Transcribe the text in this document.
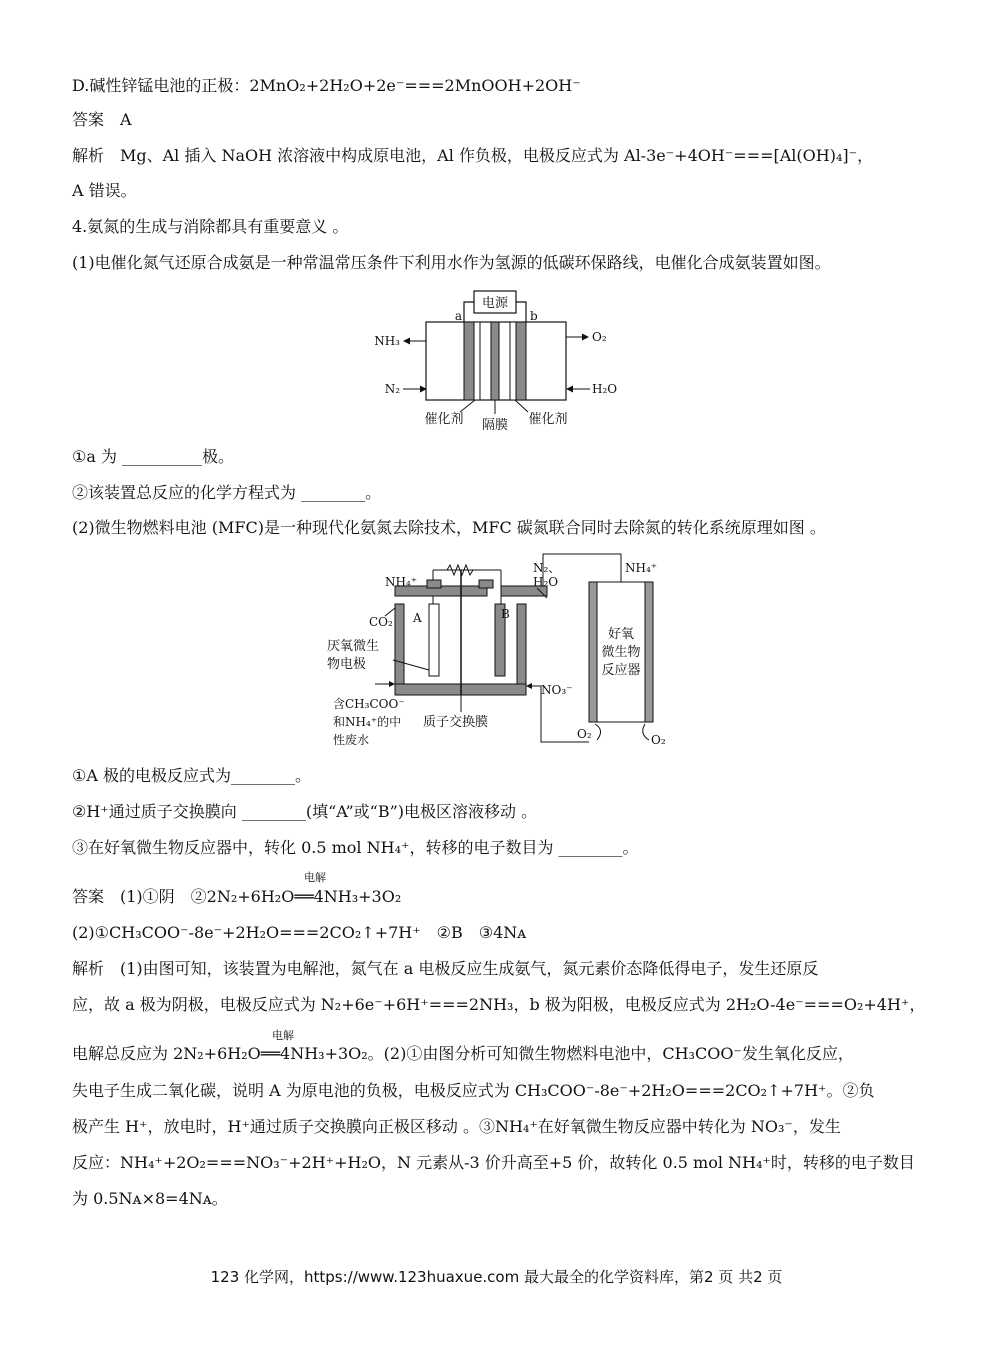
D.碱性锌锰电池的正极：2MnO₂+2H₂O+2e⁻===2MnOOH+2OH⁻
答案　A
解析　Mg、Al 插入 NaOH 浓溶液中构成原电池，Al 作负极，电极反应式为 Al-3e⁻+4OH⁻===[Al(OH)₄]⁻，
A 错误。
4.氨氮的生成与消除都具有重要意义 。
(1)电催化氮气还原合成氨是一种常温常压条件下利用水作为氢源的低碳环保路线，电催化合成氨装置如图。
电源
a	b
NH₃
N₂
O₂
H₂O
催化剂 隔膜 催化剂
①a 为 __________极。
②该装置总反应的化学方程式为 ________。
(2)微生物燃料电池 (MFC)是一种现代化氨氮去除技术，MFC 碳氮联合同时去除氮的转化系统原理如图 。
A	B
NH₄⁺
CO₂
N₂、
H₂O
厌氧微生
物电极
含CH₃COO⁻
和NH₄⁺的中
性废水
质子交换膜
好氧
微生物
反应器
NH₄⁺
NO₃⁻
O₂	O₂
①A 极的电极反应式为________。
②H⁺通过质子交换膜向 ________(填“A”或“B”)电极区溶液移动 。
③在好氧微生物反应器中，转化 0.5 mol NH₄⁺，转移的电子数目为 ________。
电解
答案　(1)①阴　②2N₂+6H₂O══4NH₃+3O₂
(2)①CH₃COO⁻-8e⁻+2H₂O===2CO₂↑+7H⁺　②B　③4Nᴀ
解析　(1)由图可知，该装置为电解池，氮气在 a 电极反应生成氨气，氮元素价态降低得电子，发生还原反
应，故 a 极为阴极，电极反应式为 N₂+6e⁻+6H⁺===2NH₃，b 极为阳极，电极反应式为 2H₂O-4e⁻===O₂+4H⁺，
电解
电解总反应为 2N₂+6H₂O══4NH₃+3O₂。(2)①由图分析可知微生物燃料电池中，CH₃COO⁻发生氧化反应，
失电子生成二氧化碳，说明 A 为原电池的负极，电极反应式为 CH₃COO⁻-8e⁻+2H₂O===2CO₂↑+7H⁺。②负
极产生 H⁺，放电时，H⁺通过质子交换膜向正极区移动 。③NH₄⁺在好氧微生物反应器中转化为 NO₃⁻，发生
反应：NH₄⁺+2O₂===NO₃⁻+2H⁺+H₂O，N 元素从-3 价升高至+5 价，故转化 0.5 mol NH₄⁺时，转移的电子数目
为 0.5Nᴀ×8=4Nᴀ。
123 化学网，https://www.123huaxue.com 最大最全的化学资料库，第2 页 共2 页
